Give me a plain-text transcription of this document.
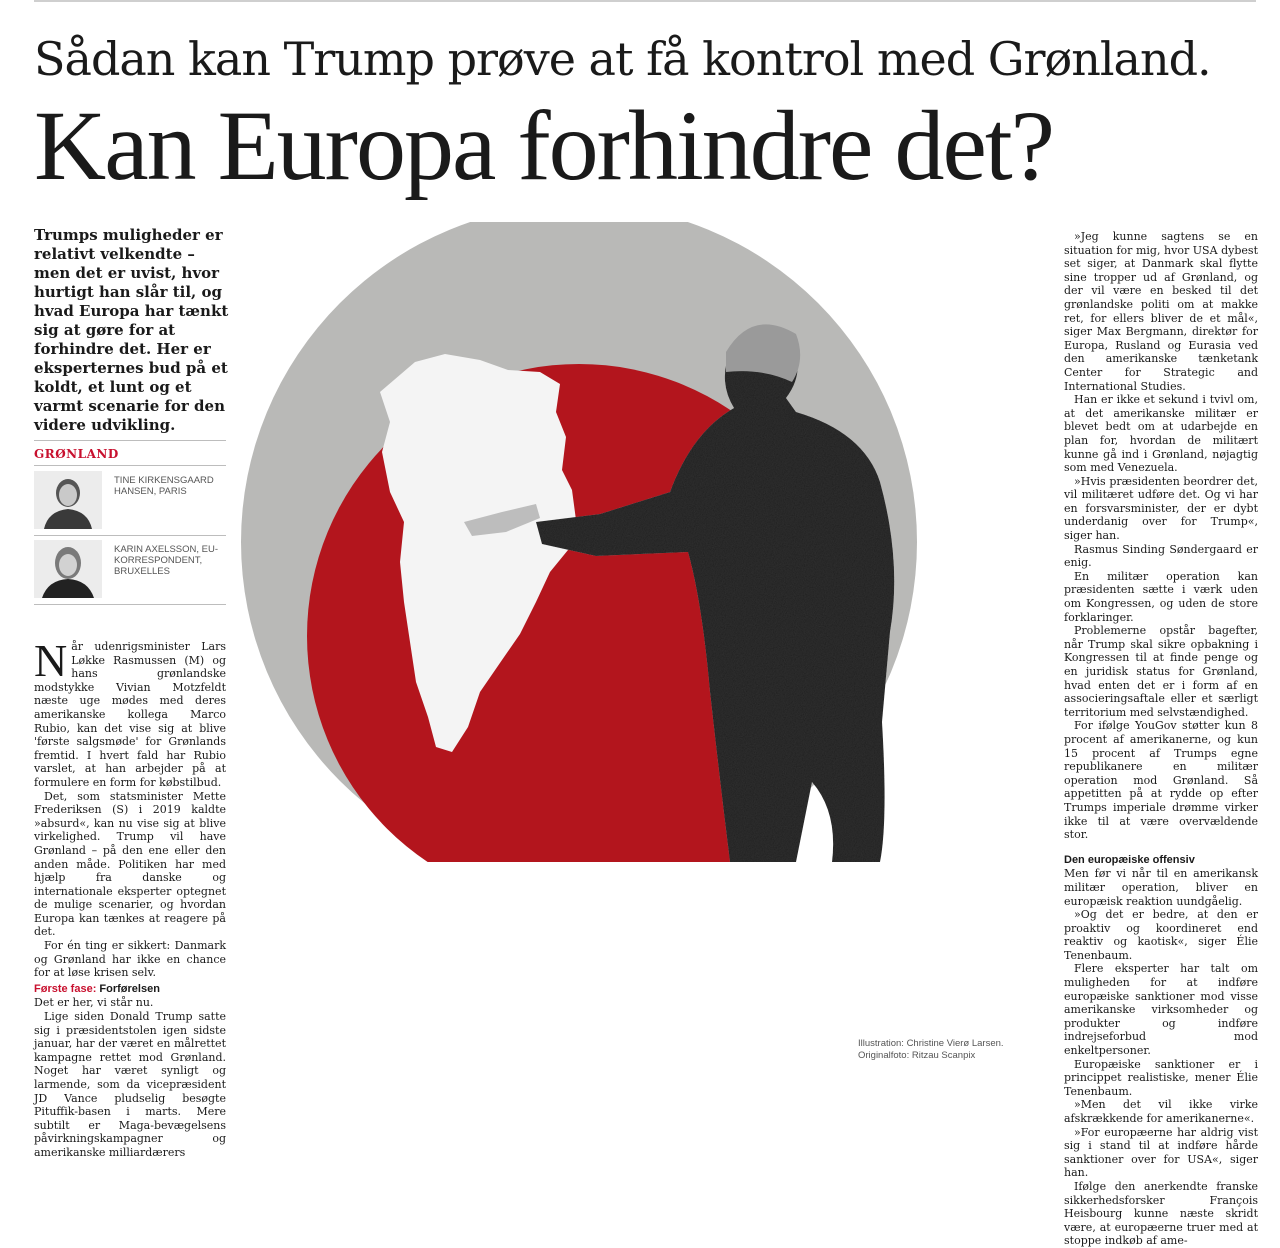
Sådan kan Trump prøve at få kontrol med Grønland.
Kan Europa forhindre det?
Trumps muligheder er relativt velkendte – men det er uvist, hvor hurtigt han slår til, og hvad Europa har tænkt sig at gøre for at forhindre det. Her er eksperternes bud på et koldt, et lunt og et varmt scenarie for den videre udvikling.
GRØNLAND
TINE KIRKENSGAARD HANSEN, PARIS
KARIN AXELSSON, EU-KORRESPONDENT, BRUXELLES

Når udenrigsminister Lars Løkke Rasmussen (M) og hans grønlandske modstykke Vivian Motzfeldt næste uge mødes med deres amerikanske kollega Marco Rubio, kan det vise sig at blive 'første salgsmøde' for Grønlands fremtid. I hvert fald har Rubio varslet, at han arbejder på at formulere en form for købstilbud.

Det, som statsminister Mette Frederiksen (S) i 2019 kaldte »absurd«, kan nu vise sig at blive virkelighed. Trump vil have Grønland – på den ene eller den anden måde. Politiken har med hjælp fra danske og internationale eksperter optegnet de mulige scenarier, og hvordan Europa kan tænkes at reagere på det.

For én ting er sikkert: Danmark og Grønland har ikke en chance for at løse krisen selv.

Første fase: Forførelsen

Det er her, vi står nu.

Lige siden Donald Trump satte sig i præsidentstolen igen sidste januar, har der været en målrettet kampagne rettet mod Grønland. Noget har været synligt og larmende, som da vicepræsident JD Vance pludselig besøgte Pituffik-basen i marts. Mere subtilt er Maga-bevægelsens påvirkningskampagner og amerikanske milliardærers

»Jeg kunne sagtens se en situation for mig, hvor USA dybest set siger, at Danmark skal flytte sine tropper ud af Grønland, og der vil være en besked til det grønlandske politi om at makke ret, for ellers bliver de et mål«, siger Max Bergmann, direktør for Europa, Rusland og Eurasia ved den amerikanske tænketank Center for Strategic and International Studies.

Han er ikke et sekund i tvivl om, at det amerikanske militær er blevet bedt om at udarbejde en plan for, hvordan de militært kunne gå ind i Grønland, nøjagtig som med Venezuela.

»Hvis præsidenten beordrer det, vil militæret udføre det. Og vi har en forsvarsminister, der er dybt underdanig over for Trump«, siger han.

Rasmus Sinding Søndergaard er enig.

En militær operation kan præsidenten sætte i værk uden om Kongressen, og uden de store forklaringer.

Problemerne opstår bagefter, når Trump skal sikre opbakning i Kongressen til at finde penge og en juridisk status for Grønland, hvad enten det er i form af en associeringsaftale eller et særligt territorium med selvstændighed.

For ifølge YouGov støtter kun 8 procent af amerikanerne, og kun 15 procent af Trumps egne republikanere en militær operation mod Grønland. Så appetitten på at rydde op efter Trumps imperiale drømme virker ikke til at være overvældende stor.

Den europæiske offensiv

Men før vi når til en amerikansk militær operation, bliver en europæisk reaktion uundgåelig.

»Og det er bedre, at den er proaktiv og koordineret end reaktiv og kaotisk«, siger Élie Tenenbaum.

Flere eksperter har talt om muligheden for at indføre europæiske sanktioner mod visse amerikanske virksomheder og produkter og indføre indrejseforbud mod enkeltpersoner.

Europæiske sanktioner er i princippet realistiske, mener Élie Tenenbaum.

»Men det vil ikke virke afskrækkende for amerikanerne«.

»For europæerne har aldrig vist sig i stand til at indføre hårde sanktioner over for USA«, siger han.

Ifølge den anerkendte franske sikkerhedsforsker François Heisbourg kunne næste skridt være, at europæerne truer med at stoppe indkøb af ame-

Illustration: Christine Vierø Larsen.
Originalfoto: Ritzau Scanpix
